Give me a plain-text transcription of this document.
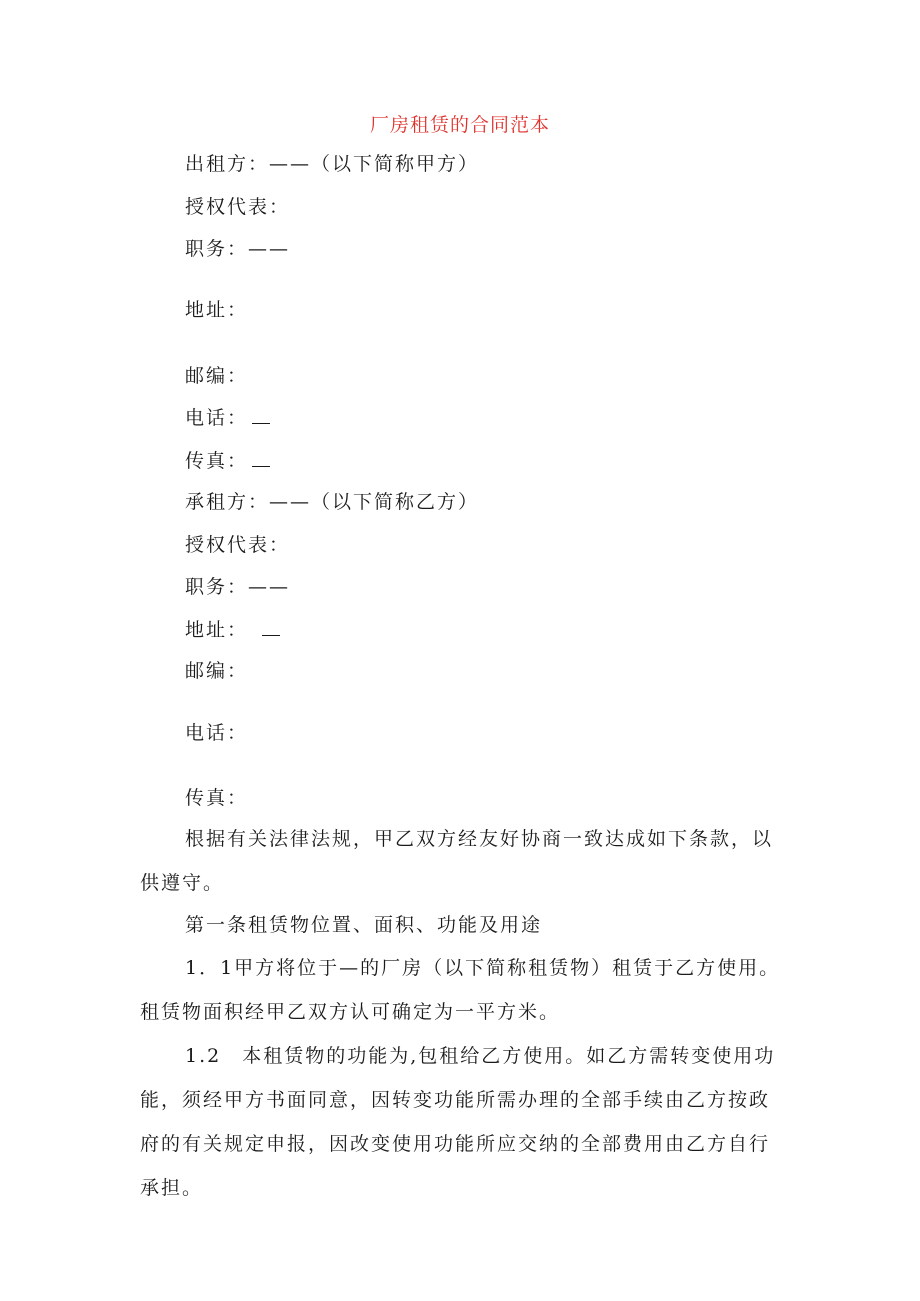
厂房租赁的合同范本
出租方：——（以下简称甲方）
授权代表：
职务：——
地址：
邮编：
电话：
传真：
承租方：——（以下简称乙方）
授权代表：
职务：——
地址：
邮编：
电话：
传真：
根据有关法律法规，甲乙双方经友好协商一致达成如下条款，以供遵守。
第一条租赁物位置、面积、功能及用途
1．1甲方将位于—的厂房（以下简称租赁物）租赁于乙方使用。租赁物面积经甲乙双方认可确定为一平方米。
1.2　本租赁物的功能为,包租给乙方使用。如乙方需转变使用功能，须经甲方书面同意，因转变功能所需办理的全部手续由乙方按政府的有关规定申报，因改变使用功能所应交纳的全部费用由乙方自行承担。
